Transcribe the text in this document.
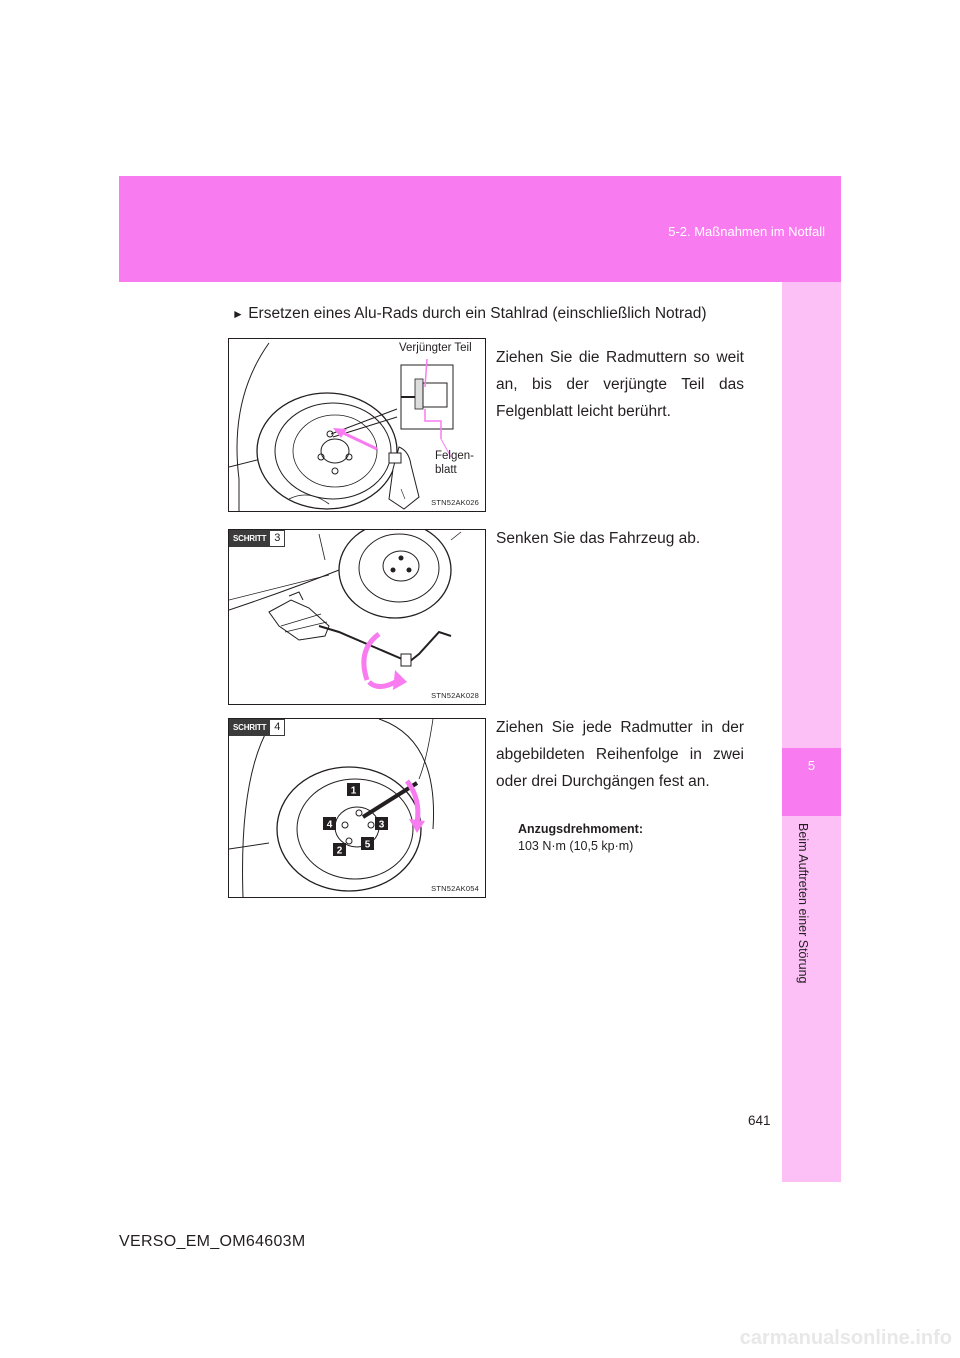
5-2. Maßnahmen im Notfall
5
Beim Auftreten einer Störung
► Ersetzen eines Alu-Rads durch ein Stahlrad (einschließlich Notrad)
Verjüngter Teil
Felgen-
blatt
STN52AK026
SCHRITT 3
STN52AK028
1
2
3
4
5
SCHRITT 4
STN52AK054
Ziehen Sie die Radmuttern so weit an, bis der verjüngte Teil das Felgenblatt leicht berührt.
Senken Sie das Fahrzeug ab.
Ziehen Sie jede Radmutter in der abgebildeten Reihenfolge in zwei oder drei Durchgängen fest an.
Anzugsdrehmoment:
103 N·m (10,5 kp·m)
641
VERSO_EM_OM64603M
carmanualsonline.info
